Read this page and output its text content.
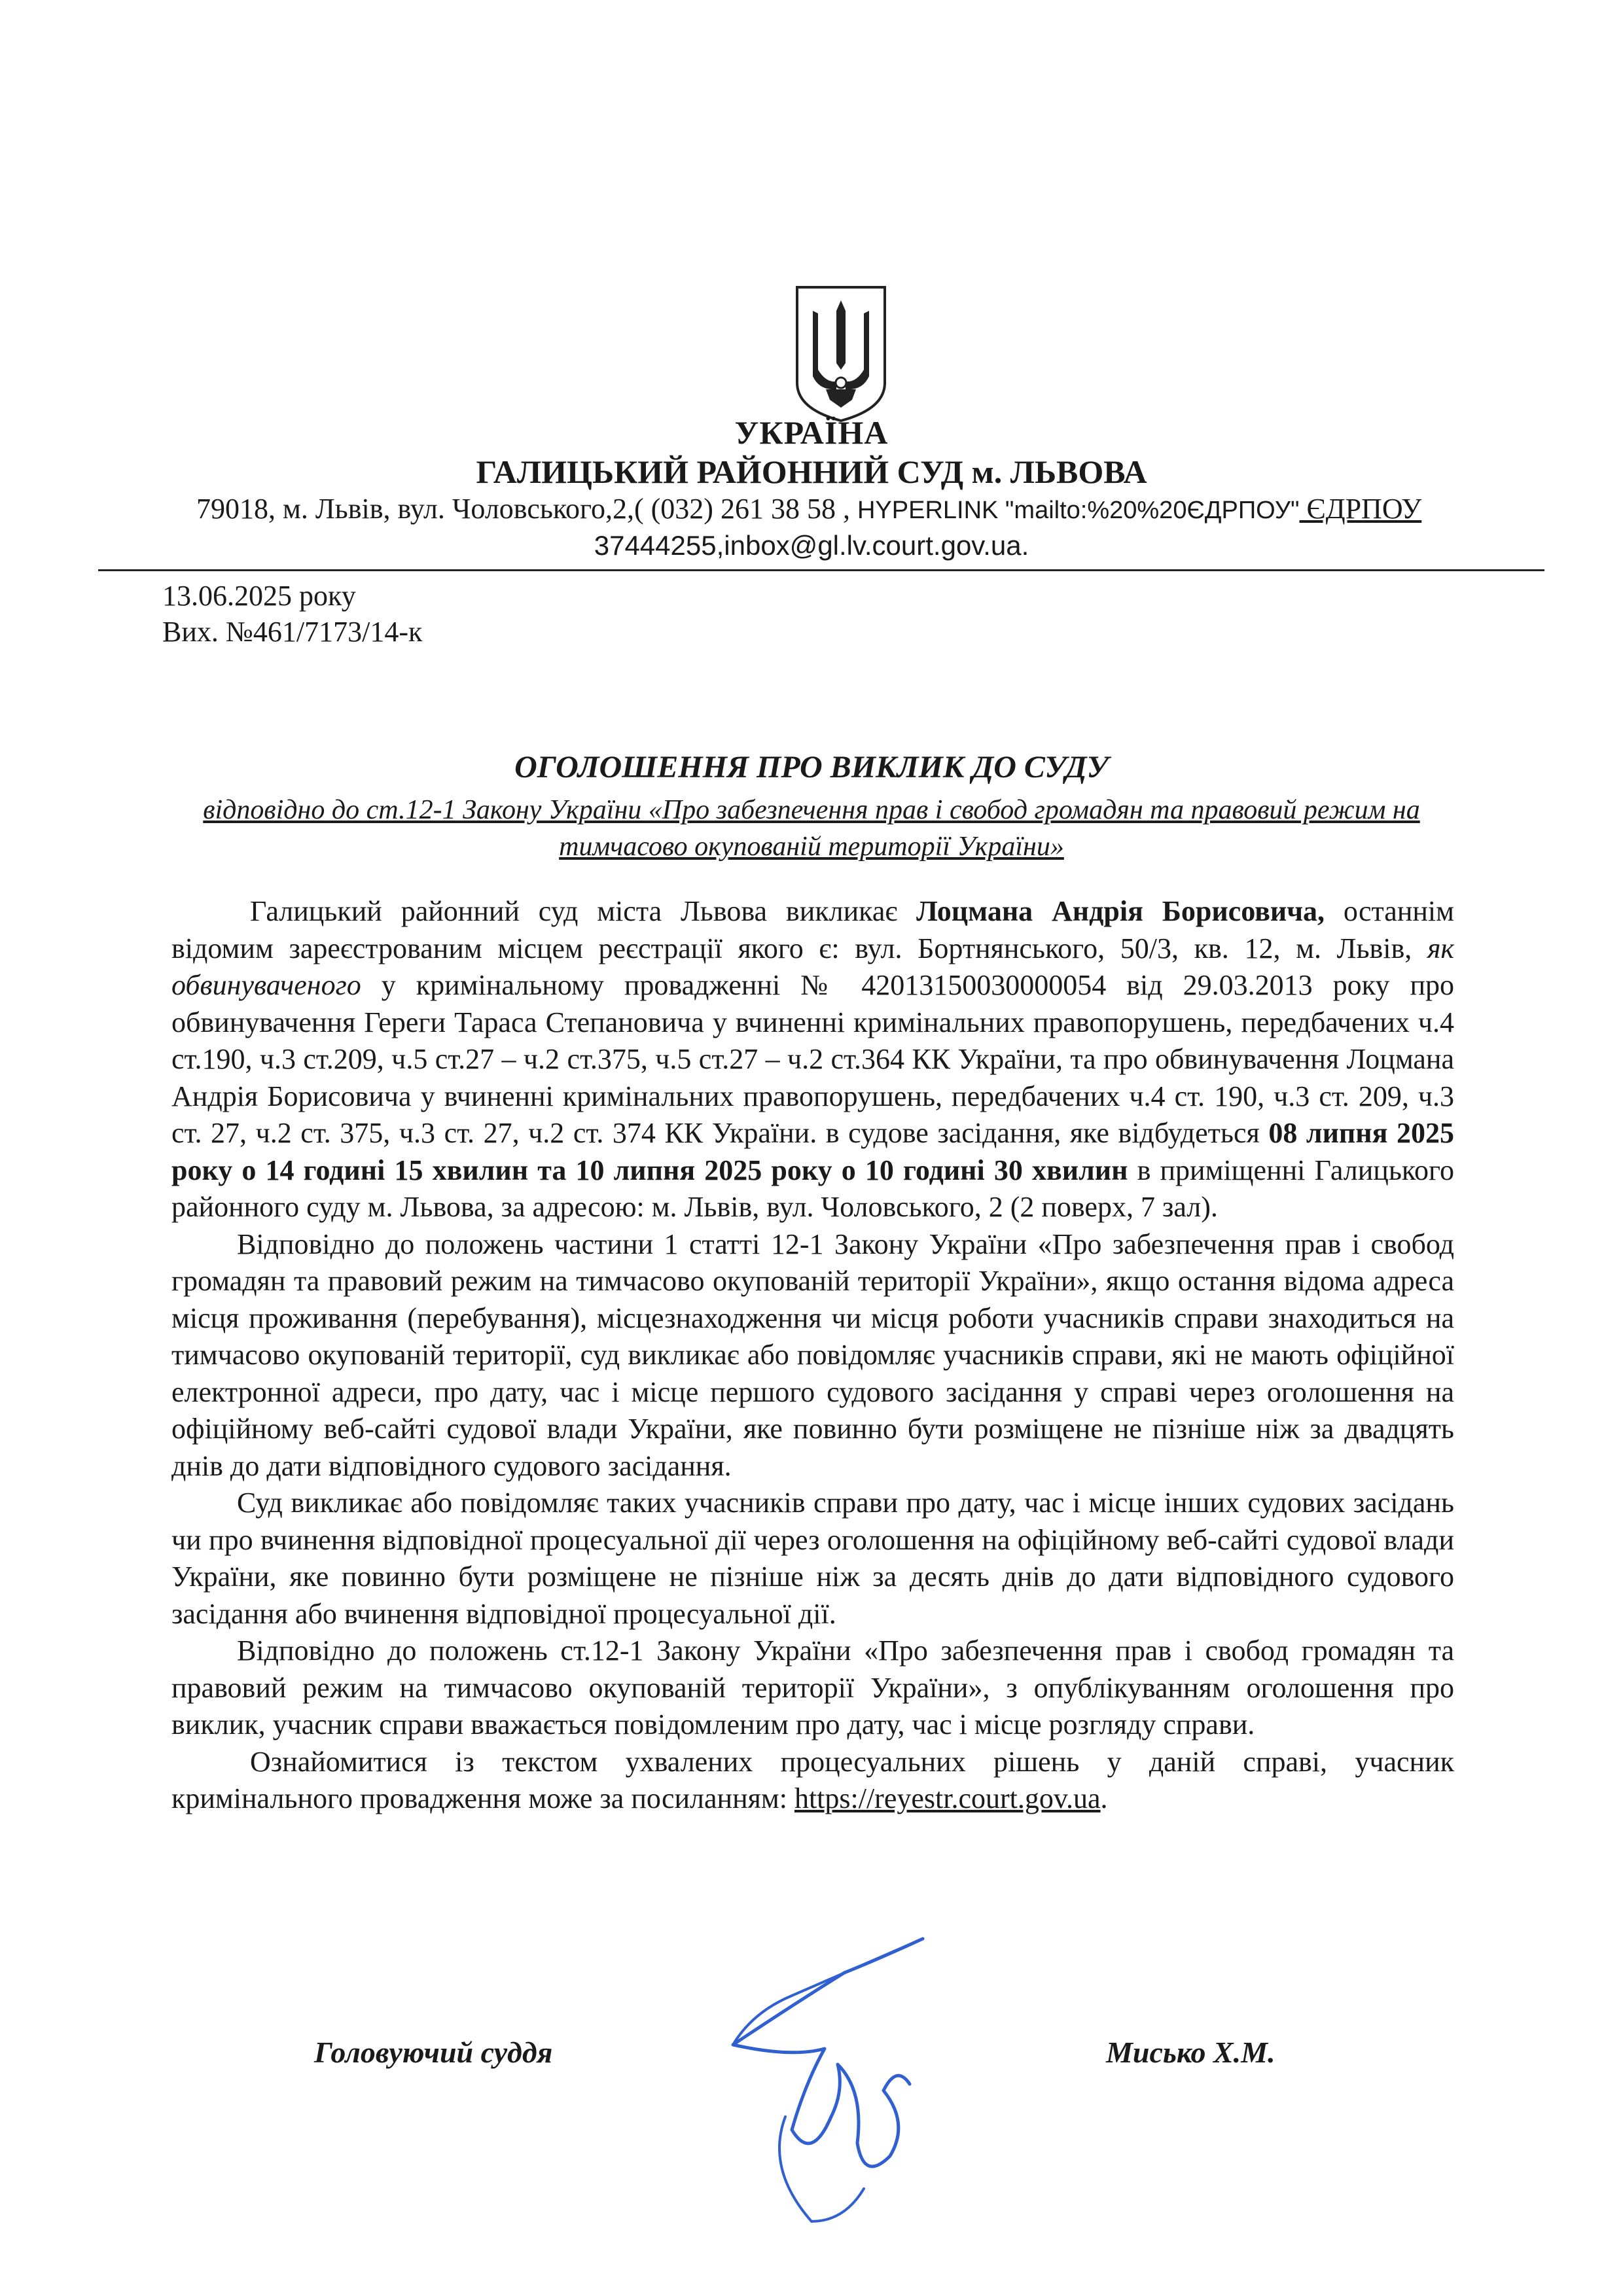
УКРАЇНА
ГАЛИЦЬКИЙ РАЙОННИЙ СУД м. ЛЬВОВА
79018, м. Львів, вул. Чоловського,2,( (032) 261 38 58 , HYPERLINK "mailto:%20%20ЄДРПОУ" ЄДРПОУ
37444255,inbox@gl.lv.court.gov.ua.
13.06.2025 року
Вих. №461/7173/14-к
ОГОЛОШЕННЯ ПРО ВИКЛИК ДО СУДУ
відповідно до ст.12-1 Закону України «Про забезпечення прав і свобод громадян та правовий режим на тимчасово окупованій території України»

Галицький районний суд міста Львова викликає Лоцмана Андрія Борисовича, останнім відомим зареєстрованим місцем реєстрації якого є: вул. Бортнянського, 50/3, кв. 12, м. Львів, як обвинуваченого у кримінальному провадженні № 42013150030000054 від 29.03.2013 року про обвинувачення Гереги Тараса Степановича у вчиненні кримінальних правопорушень, передбачених ч.4 ст.190, ч.3 ст.209, ч.5 ст.27 – ч.2 ст.375, ч.5 ст.27 – ч.2 ст.364 КК України, та про обвинувачення Лоцмана Андрія Борисовича у вчиненні кримінальних правопорушень, передбачених ч.4 ст. 190, ч.3 ст. 209, ч.3 ст. 27, ч.2 ст. 375, ч.3 ст. 27, ч.2 ст. 374 КК України. в судове засідання, яке відбудеться 08 липня 2025 року о 14 годині 15 хвилин та 10 липня 2025 року о 10 годині 30 хвилин в приміщенні Галицького районного суду м. Львова, за адресою: м. Львів, вул. Чоловського, 2 (2 поверх, 7 зал).

Відповідно до положень частини 1 статті 12-1 Закону України «Про забезпечення прав і свобод громадян та правовий режим на тимчасово окупованій території України», якщо остання відома адреса місця проживання (перебування), місцезнаходження чи місця роботи учасників справи знаходиться на тимчасово окупованій території, суд викликає або повідомляє учасників справи, які не мають офіційної електронної адреси, про дату, час і місце першого судового засідання у справі через оголошення на офіційному веб-сайті судової влади України, яке повинно бути розміщене не пізніше ніж за двадцять днів до дати відповідного судового засідання.

Суд викликає або повідомляє таких учасників справи про дату, час і місце інших судових засідань чи про вчинення відповідної процесуальної дії через оголошення на офіційному веб-сайті судової влади України, яке повинно бути розміщене не пізніше ніж за десять днів до дати відповідного судового засідання або вчинення відповідної процесуальної дії.

Відповідно до положень ст.12-1 Закону України «Про забезпечення прав і свобод громадян та правовий режим на тимчасово окупованій території України», з опублікуванням оголошення про виклик, учасник справи вважається повідомленим про дату, час і місце розгляду справи.

Ознайомитися із текстом ухвалених процесуальних рішень у даній справі, учасник кримінального провадження може за посиланням: https://reyestr.court.gov.ua.

Головуючий суддя	Мисько Х.М.
